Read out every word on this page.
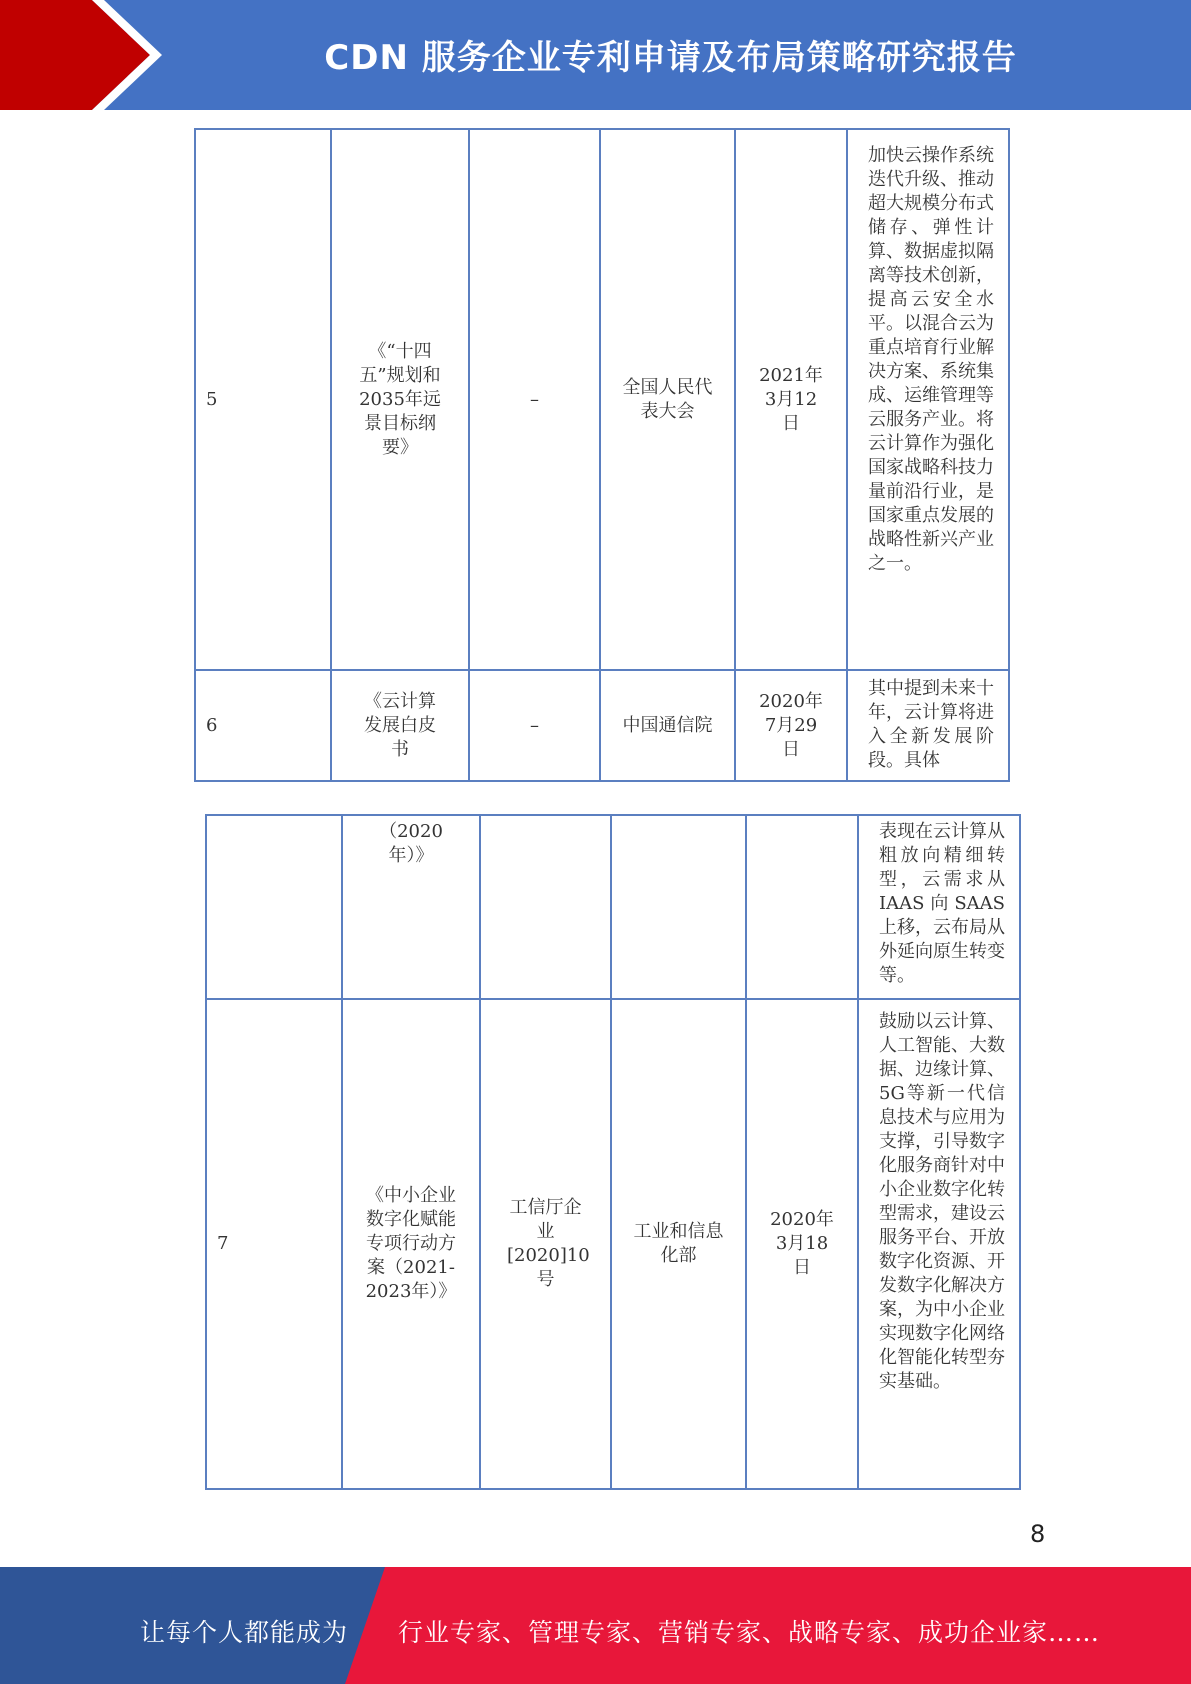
CDN 服务企业专利申请及布局策略研究报告
5	《“十四五”规划和2035年远景目标纲要》	–	全国人民代表大会	2021年3月12日	加快云操作系统迭代升级、推动超大规模分布式储存、弹性计算、数据虚拟隔离等技术创新，提高云安全水平。以混合云为重点培育行业解决方案、系统集成、运维管理等云服务产业。将云计算作为强化国家战略科技力量前沿行业，是国家重点发展的战略性新兴产业之一。
6	《云计算发展白皮书	–	中国通信院	2020年7月29日	其中提到未来十年，云计算将进入全新发展阶段。具体
	（2020年）》				表现在云计算从粗放向精细转型，云需求从IAAS向SAAS上移，云布局从外延向原生转变等。
7	《中小企业数字化赋能专项行动方案（2021-2023年）》	工信厅企业[2020]10号	工业和信息化部	2020年3月18日	鼓励以云计算、人工智能、大数据、边缘计算、5G等新一代信息技术与应用为支撑，引导数字化服务商针对中小企业数字化转型需求，建设云服务平台、开放数字化资源、开发数字化解决方案，为中小企业实现数字化网络化智能化转型夯实基础。
8
让每个人都能成为 行业专家、管理专家、营销专家、战略专家、成功企业家……
